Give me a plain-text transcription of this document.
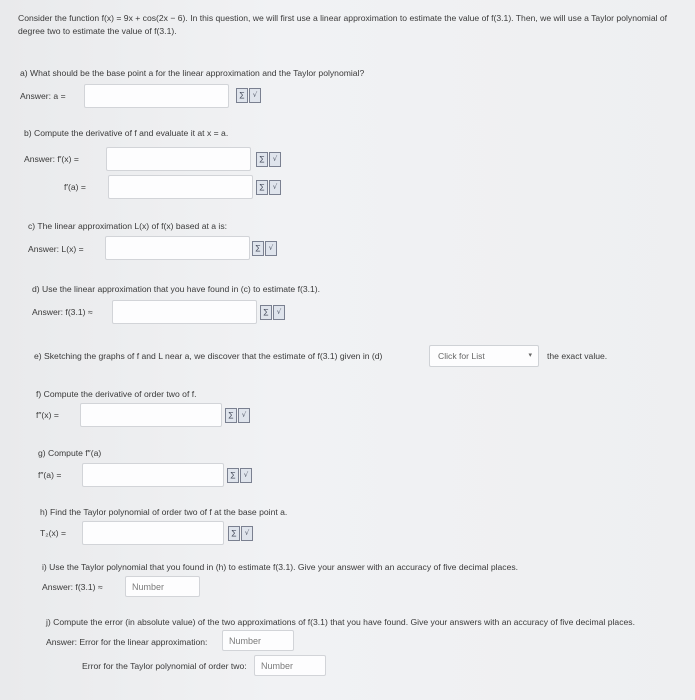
Consider the function f(x) = 9x + cos(2x − 6). In this question, we will first use a linear approximation to estimate the value of f(3.1). Then, we will use a Taylor polynomial of degree two to estimate the value of f(3.1).
a) What should be the base point a for the linear approximation and the Taylor polynomial?
Answer: a =	∑	√
b) Compute the derivative of f and evaluate it at x = a.
Answer: f′(x) =	∑	√
f′(a) =	∑	√
c) The linear approximation L(x) of f(x) based at a is:
Answer: L(x) =	∑	√
d) Use the linear approximation that you have found in (c) to estimate f(3.1).
Answer: f(3.1) ≈	∑	√
e) Sketching the graphs of f and L near a, we discover that the estimate of f(3.1) given in (d)	Click for List	▾ the exact value.
f) Compute the derivative of order two of f.
f″(x) =	∑	√
g) Compute f″(a)
f″(a) =	∑	√
h) Find the Taylor polynomial of order two of f at the base point a.
T₂(x) =	∑	√
i) Use the Taylor polynomial that you found in (h) to estimate f(3.1). Give your answer with an accuracy of five decimal places.
Answer: f(3.1) ≈	Number
j) Compute the error (in absolute value) of the two approximations of f(3.1) that you have found. Give your answers with an accuracy of five decimal places.
Answer: Error for the linear approximation:	Number
Error for the Taylor polynomial of order two:	Number
